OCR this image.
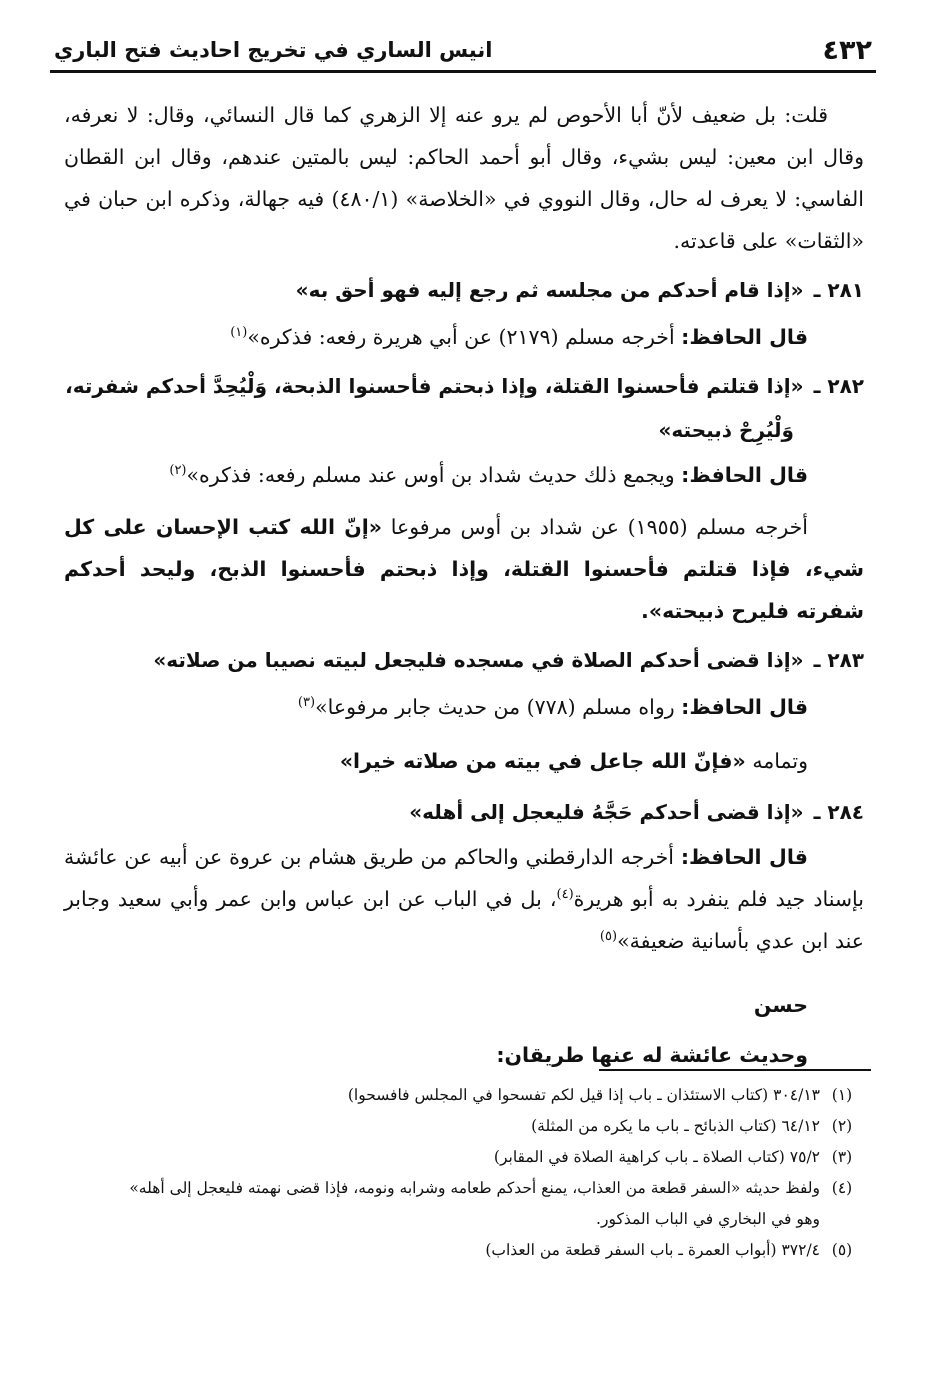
٤٣٢
انيس الساري في تخريج احاديث فتح الباري

قلت: بل ضعيف لأنّ أبا الأحوص لم يرو عنه إلا الزهري كما قال النسائي، وقال: لا نعرفه، وقال ابن معين: ليس بشيء، وقال أبو أحمد الحاكم: ليس بالمتين عندهم، وقال ابن القطان الفاسي: لا يعرف له حال، وقال النووي في «الخلاصة» (٤٨٠/١) فيه جهالة، وذكره ابن حبان في «الثقات» على قاعدته.

٢٨١ ـ«إذا قام أحدكم من مجلسه ثم رجع إليه فهو أحق به»

قال الحافظ: أخرجه مسلم (٢١٧٩) عن أبي هريرة رفعه: فذكره»$^{(١)}$

٢٨٢ ـ«إذا قتلتم فأحسنوا القتلة، وإذا ذبحتم فأحسنوا الذبحة، وَلْيُحِدَّ أحدكم شفرته،
وَلْيُرِحْ ذبيحته»

قال الحافظ: ويجمع ذلك حديث شداد بن أوس عند مسلم رفعه: فذكره»$^{(٢)}$

أخرجه مسلم (١٩٥٥) عن شداد بن أوس مرفوعا «إنّ الله كتب الإحسان على كل شيء، فإذا قتلتم فأحسنوا القتلة، وإذا ذبحتم فأحسنوا الذبح، وليحد أحدكم شفرته فليرح ذبيحته».

٢٨٣ ـ«إذا قضى أحدكم الصلاة في مسجده فليجعل لبيته نصيبا من صلاته»

قال الحافظ: رواه مسلم (٧٧٨) من حديث جابر مرفوعا»$^{(٣)}$

وتمامه «فإنّ الله جاعل في بيته من صلاته خيرا»

٢٨٤ ـ«إذا قضى أحدكم حَجَّهُ فليعجل إلى أهله»

قال الحافظ: أخرجه الدارقطني والحاكم من طريق هشام بن عروة عن أبيه عن عائشة بإسناد جيد فلم ينفرد به أبو هريرة$^{(٤)}$، بل في الباب عن ابن عباس وابن عمر وأبي سعيد وجابر عند ابن عدي بأسانية ضعيفة»$^{(٥)}$

حسن

وحديث عائشة له عنها طريقان:

(١)
٣٠٤/١٣ (كتاب الاستئذان ـ باب إذا قيل لكم تفسحوا في المجلس فافسحوا)
(٢)
٦٤/١٢ (كتاب الذبائح ـ باب ما يكره من المثلة)
(٣)
٧٥/٢ (كتاب الصلاة ـ باب كراهية الصلاة في المقابر)
(٤)
ولفظ حديثه «السفر قطعة من العذاب، يمنع أحدكم طعامه وشرابه ونومه، فإذا قضى نهمته فليعجل إلى أهله»
وهو في البخاري في الباب المذكور.
(٥)
٣٧٢/٤ (أبواب العمرة ـ باب السفر قطعة من العذاب)
